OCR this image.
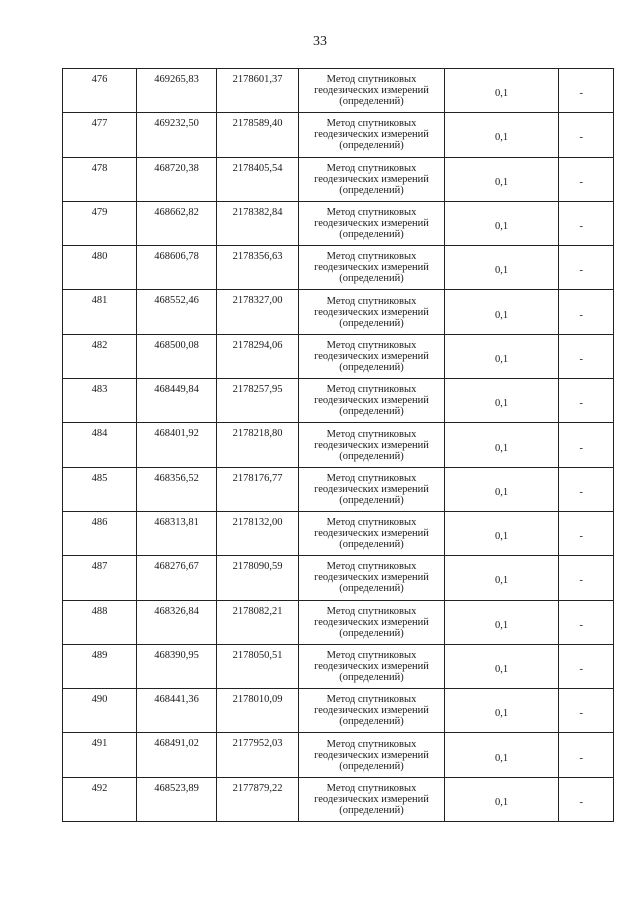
33
476	469265,83	2178601,37	Метод спутниковых
геодезических измерений
(определений)	0,1	-
477	469232,50	2178589,40	Метод спутниковых
геодезических измерений
(определений)	0,1	-
478	468720,38	2178405,54	Метод спутниковых
геодезических измерений
(определений)	0,1	-
479	468662,82	2178382,84	Метод спутниковых
геодезических измерений
(определений)	0,1	-
480	468606,78	2178356,63	Метод спутниковых
геодезических измерений
(определений)	0,1	-
481	468552,46	2178327,00	Метод спутниковых
геодезических измерений
(определений)	0,1	-
482	468500,08	2178294,06	Метод спутниковых
геодезических измерений
(определений)	0,1	-
483	468449,84	2178257,95	Метод спутниковых
геодезических измерений
(определений)	0,1	-
484	468401,92	2178218,80	Метод спутниковых
геодезических измерений
(определений)	0,1	-
485	468356,52	2178176,77	Метод спутниковых
геодезических измерений
(определений)	0,1	-
486	468313,81	2178132,00	Метод спутниковых
геодезических измерений
(определений)	0,1	-
487	468276,67	2178090,59	Метод спутниковых
геодезических измерений
(определений)	0,1	-
488	468326,84	2178082,21	Метод спутниковых
геодезических измерений
(определений)	0,1	-
489	468390,95	2178050,51	Метод спутниковых
геодезических измерений
(определений)	0,1	-
490	468441,36	2178010,09	Метод спутниковых
геодезических измерений
(определений)	0,1	-
491	468491,02	2177952,03	Метод спутниковых
геодезических измерений
(определений)	0,1	-
492	468523,89	2177879,22	Метод спутниковых
геодезических измерений
(определений)	0,1	-
